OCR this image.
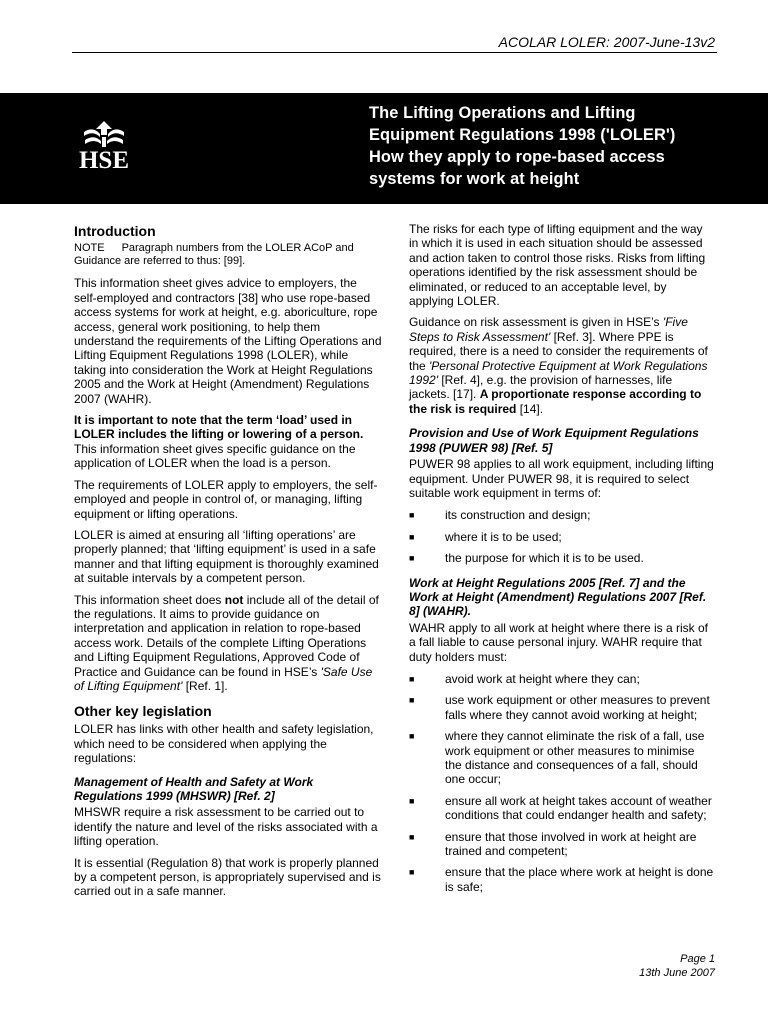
ACOLAR LOLER: 2007-June-13v2
HSE
The Lifting Operations and Lifting
Equipment Regulations 1998 ('LOLER')
How they apply to rope-based access
systems for work at height
Introduction

NOTE Paragraph numbers from the LOLER ACoP and Guidance are referred to thus: [99].

This information sheet gives advice to employers, the self-employed and contractors [38] who use rope-based access systems for work at height, e.g. aboriculture, rope access, general work positioning, to help them understand the requirements of the Lifting Operations and Lifting Equipment Regulations 1998 (LOLER), while taking into consideration the Work at Height Regulations 2005 and the Work at Height (Amendment) Regulations 2007 (WAHR).

It is important to note that the term ‘load’ used in LOLER includes the lifting or lowering of a person. This information sheet gives specific guidance on the application of LOLER when the load is a person.

The requirements of LOLER apply to employers, the self-employed and people in control of, or managing, lifting equipment or lifting operations.

LOLER is aimed at ensuring all ‘lifting operations’ are properly planned; that ‘lifting equipment’ is used in a safe manner and that lifting equipment is thoroughly examined at suitable intervals by a competent person.

This information sheet does not include all of the detail of the regulations. It aims to provide guidance on interpretation and application in relation to rope-based access work. Details of the complete Lifting Operations and Lifting Equipment Regulations, Approved Code of Practice and Guidance can be found in HSE’s 'Safe Use of Lifting Equipment' [Ref. 1].

Other key legislation

LOLER has links with other health and safety legislation, which need to be considered when applying the regulations:

Management of Health and Safety at Work Regulations 1999 (MHSWR) [Ref. 2]

MHSWR require a risk assessment to be carried out to identify the nature and level of the risks associated with a lifting operation.

It is essential (Regulation 8) that work is properly planned by a competent person, is appropriately supervised and is carried out in a safe manner.

The risks for each type of lifting equipment and the way in which it is used in each situation should be assessed and action taken to control those risks. Risks from lifting operations identified by the risk assessment should be eliminated, or reduced to an acceptable level, by applying LOLER.

Guidance on risk assessment is given in HSE’s 'Five Steps to Risk Assessment' [Ref. 3]. Where PPE is required, there is a need to consider the requirements of the 'Personal Protective Equipment at Work Regulations 1992' [Ref. 4], e.g. the provision of harnesses, life jackets. [17]. A proportionate response according to the risk is required [14].

Provision and Use of Work Equipment Regulations 1998 (PUWER 98) [Ref. 5]

PUWER 98 applies to all work equipment, including lifting equipment. Under PUWER 98, it is required to select suitable work equipment in terms of:

■	its construction and design;
■	where it is to be used;
■	the purpose for which it is to be used.
Work at Height Regulations 2005 [Ref. 7] and the Work at Height (Amendment) Regulations 2007 [Ref. 8] (WAHR).

WAHR apply to all work at height where there is a risk of a fall liable to cause personal injury. WAHR require that duty holders must:

■	avoid work at height where they can;
■	use work equipment or other measures to prevent falls where they cannot avoid working at height;
■	where they cannot eliminate the risk of a fall, use work equipment or other measures to minimise the distance and consequences of a fall, should one occur;
■	ensure all work at height takes account of weather conditions that could endanger health and safety;
■	ensure that those involved in work at height are trained and competent;
■	ensure that the place where work at height is done is safe;
Page 1
13th June 2007
